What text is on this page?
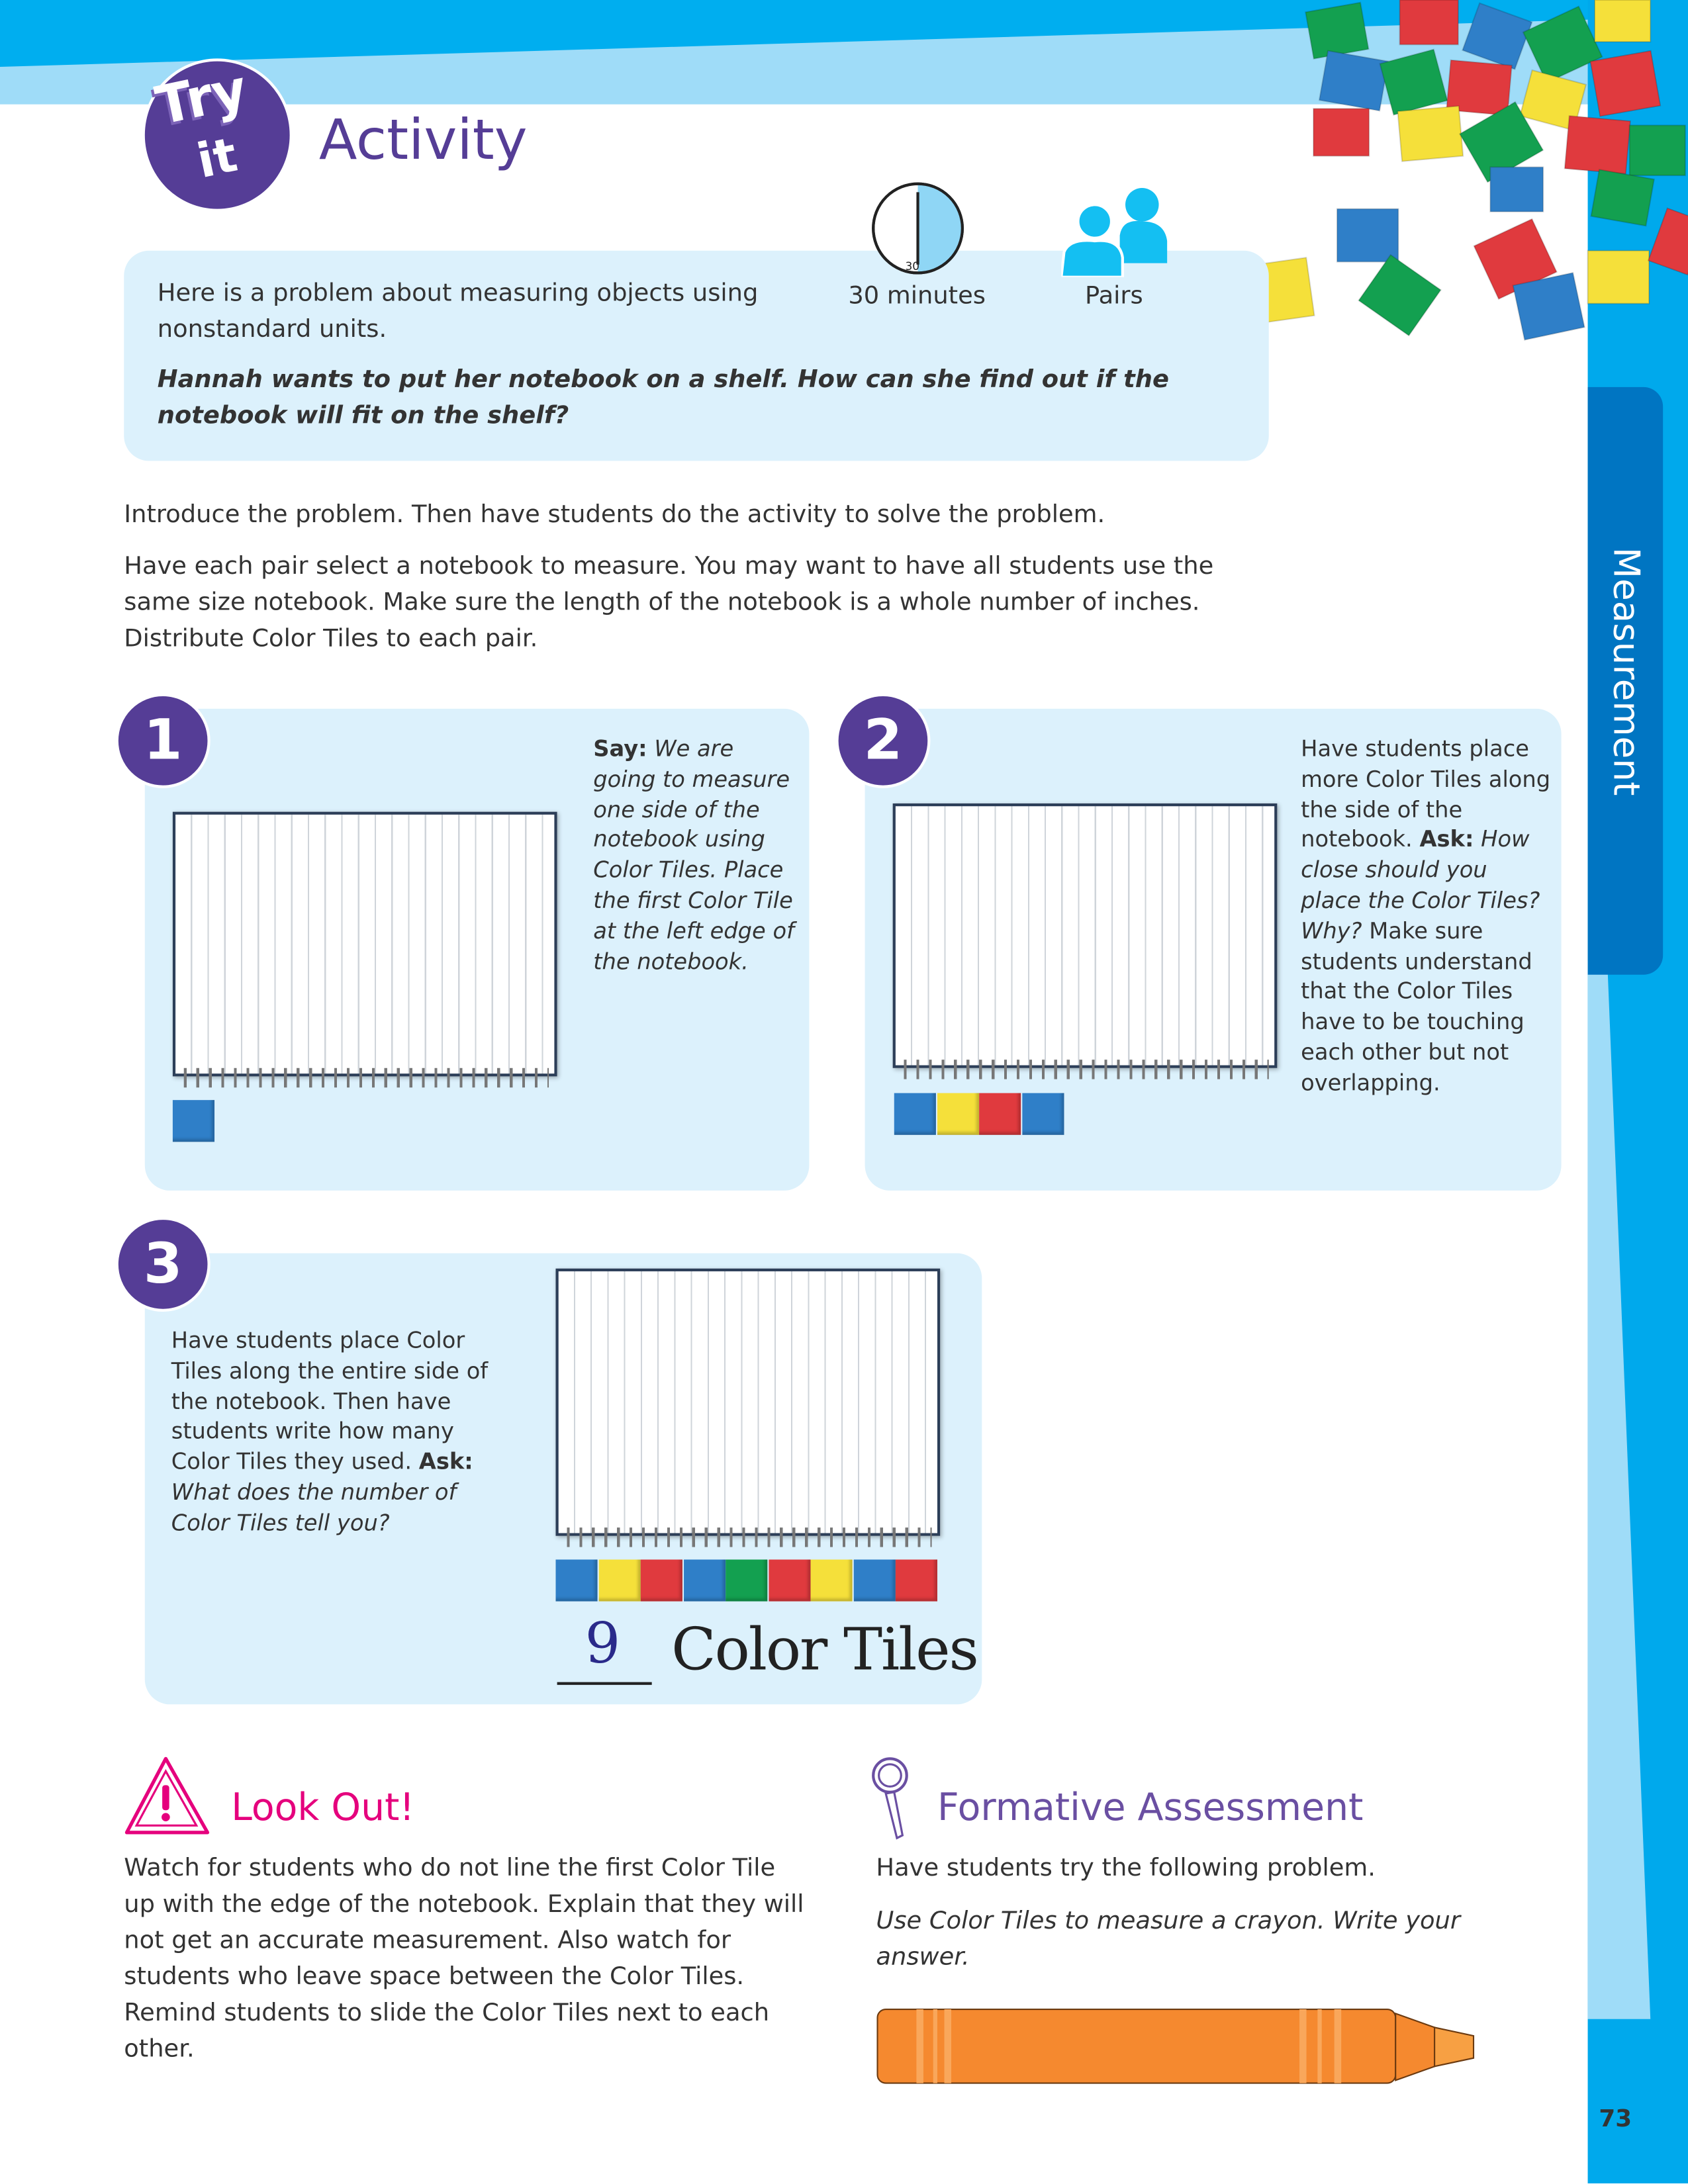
Measurement
73
Try
it	Activity
Here is a problem about measuring objects using nonstandard units.
Hannah wants to put her notebook on a shelf. How can she find out if the notebook will fit on the shelf?
30
30 minutes	Pairs
Introduce the problem. Then have students do the activity to solve the problem.
Have each pair select a notebook to measure. You may want to have all students use the same size notebook. Make sure the length of the notebook is a whole number of inches. Distribute Color Tiles to each pair.
1	Say: We are going to measure one side of the notebook using Color Tiles. Place the first Color Tile at the left edge of the notebook.
2	Have students place more Color Tiles along the side of the notebook. Ask: How close should you place the Color Tiles? Why? Make sure students understand that the Color Tiles have to be touching each other but not overlapping.
3
Have students place Color Tiles along the entire side of the notebook. Then have students write how many Color Tiles they used. Ask: What does the number of Color Tiles tell you?
9 Color Tiles
Look Out!
Watch for students who do not line the first Color Tile up with the edge of the notebook. Explain that they will not get an accurate measurement. Also watch for students who leave space between the Color Tiles. Remind students to slide the Color Tiles next to each other.
Formative Assessment
Have students try the following problem.
Use Color Tiles to measure a crayon. Write your answer.
